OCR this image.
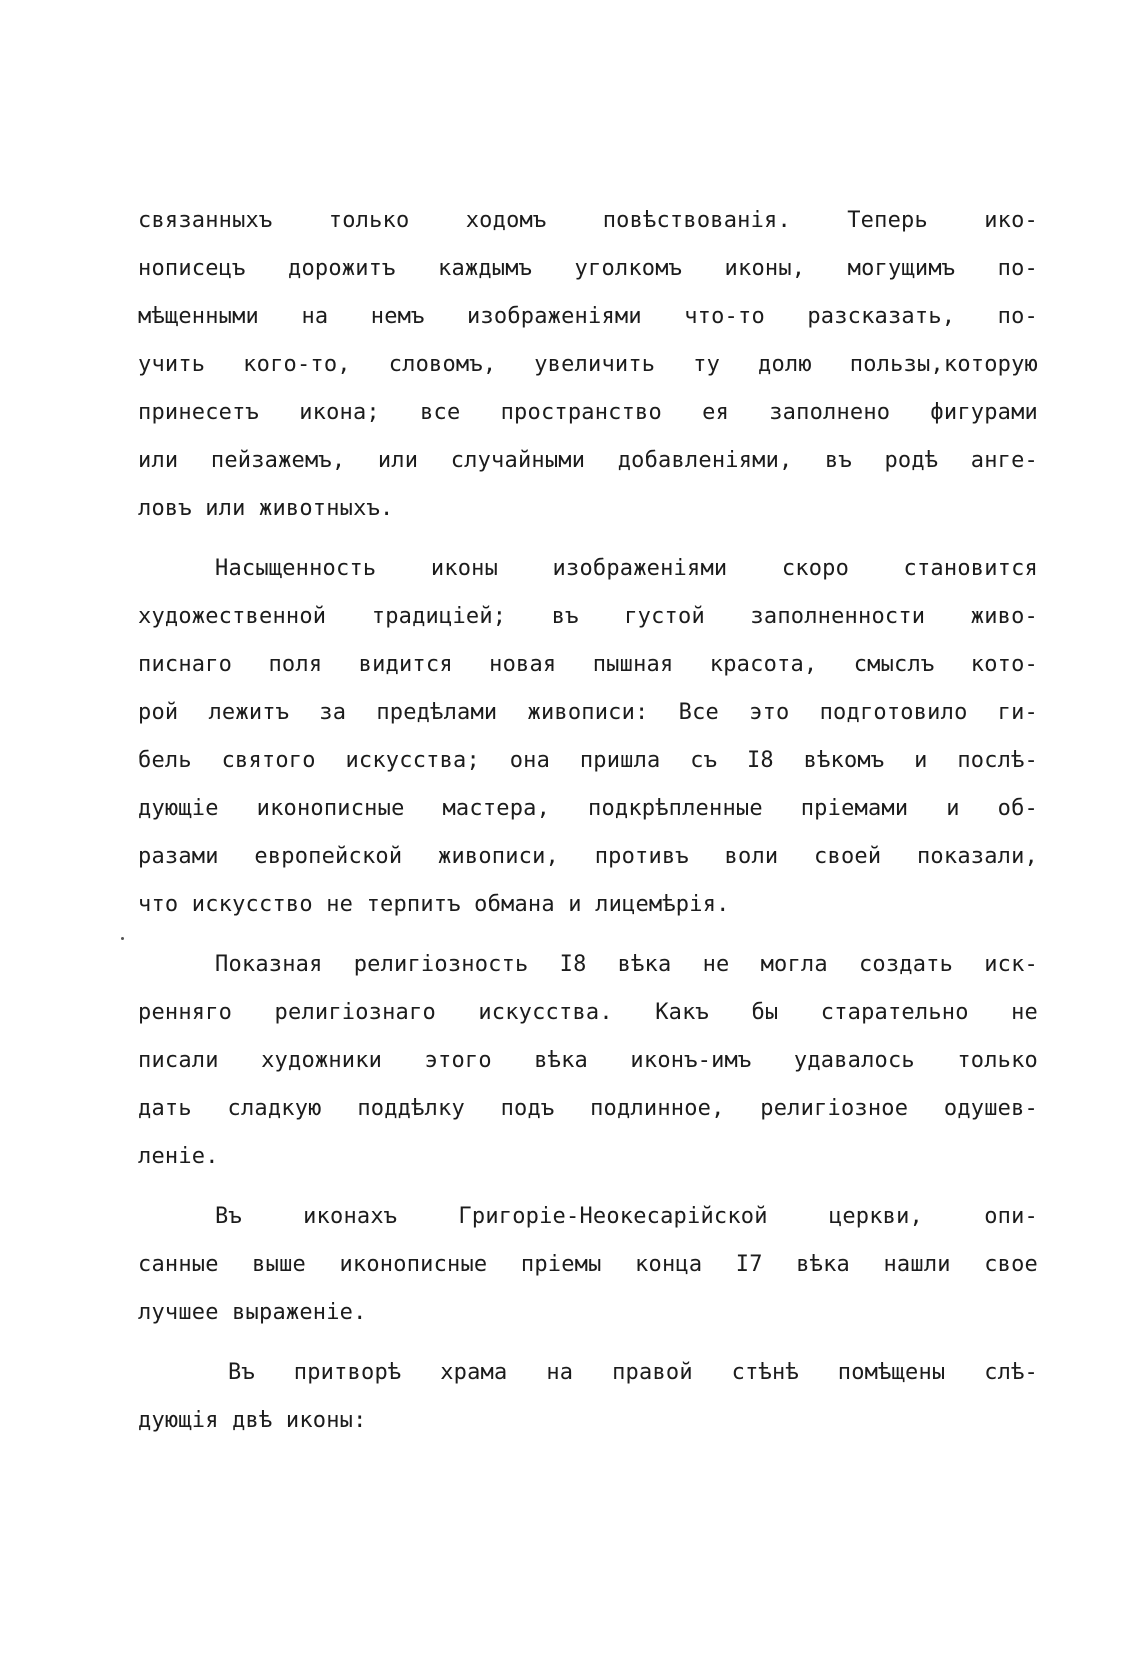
связанныхъ только ходомъ повѣствованія. Теперь ико-
нописецъ дорожитъ каждымъ уголкомъ иконы, могущимъ по-
мѣщенными на немъ изображеніями что-то разсказать, по-
учить кого-то, словомъ, увеличить ту долю пользы,которую
принесетъ икона; все пространство ея заполнено фигурами
или пейзажемъ, или случайными добавленіями, въ родѣ анге-
ловъ или животныхъ.
Насыщенность иконы изображеніями скоро становится
художественной традиціей; въ густой заполненности живо-
писнаго поля видится новая пышная красота, смыслъ кото-
рой лежитъ за предѣлами живописи: Все это подготовило ги-
бель святого искусства; она пришла съ I8 вѣкомъ и послѣ-
дующіе иконописные мастера, подкрѣпленные пріемами и об-
разами европейской живописи, противъ воли своей показали,
что искусство не терпитъ обмана и лицемѣрія.
Показная религіозность I8 вѣка не могла создать иск-
ренняго религіознаго искусства. Какъ бы старательно не
писали художники этого вѣка иконъ-имъ удавалось только
дать сладкую поддѣлку подъ подлинное, религіозное одушев-
леніе.
Въ иконахъ Григоріе-Неокесарійской церкви, опи-
санные выше иконописные пріемы конца I7 вѣка нашли свое
лучшее выраженіе.
Въ притворѣ храма на правой стѣнѣ помѣщены слѣ-
дующія двѣ иконы:
